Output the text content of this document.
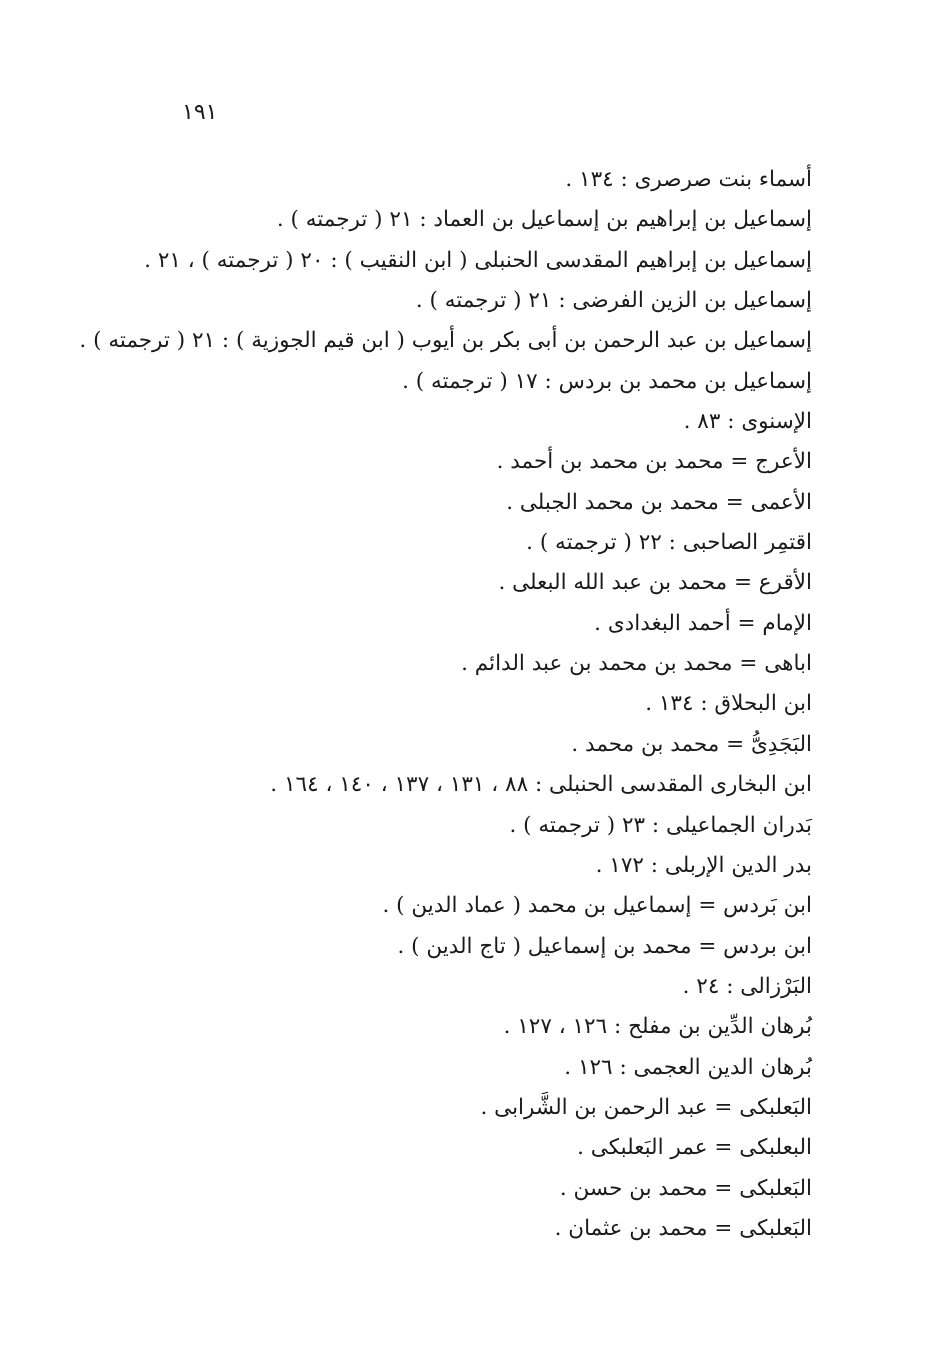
١٩١
أسماء بنت صرصرى : ١٣٤ .
إسماعيل بن إبراهيم بن إسماعيل بن العماد : ٢١ ( ترجمته ) .
إسماعيل بن إبراهيم المقدسى الحنبلى ( ابن النقيب ) : ٢٠ ( ترجمته ) ، ٢١ .
إسماعيل بن الزين الفرضى : ٢١ ( ترجمته ) .
إسماعيل بن عبد الرحمن بن أبى بكر بن أيوب ( ابن قيم الجوزية ) : ٢١ ( ترجمته ) .
إسماعيل بن محمد بن بردس : ١٧ ( ترجمته ) .
الإسنوى : ٨٣ .
الأعرج = محمد بن محمد بن أحمد .
الأعمى = محمد بن محمد الجبلى .
اقتمِر الصاحبى : ٢٢ ( ترجمته ) .
الأقرع = محمد بن عبد الله البعلى .
الإمام = أحمد البغدادى .
اباهى = محمد بن محمد بن عبد الدائم .
ابن البحلاق : ١٣٤ .
البَجَدِىُّ = محمد بن محمد .
ابن البخارى المقدسى الحنبلى : ٨٨ ، ١٣١ ، ١٣٧ ، ١٤٠ ، ١٦٤ .
بَدران الجماعيلى : ٢٣ ( ترجمته ) .
بدر الدين الإربلى : ١٧٢ .
ابن بَردس = إسماعيل بن محمد ( عماد الدين ) .
ابن بردس = محمد بن إسماعيل ( تاج الدين ) .
البَرْزالى : ٢٤ .
بُرهان الدِّين بن مفلح : ١٢٦ ، ١٢٧ .
بُرهان الدين العجمى : ١٢٦ .
البَعلبكى = عبد الرحمن بن الشَّرابى .
البعلبكى = عمر البَعلبكى .
البَعلبكى = محمد بن حسن .
البَعلبكى = محمد بن عثمان .
